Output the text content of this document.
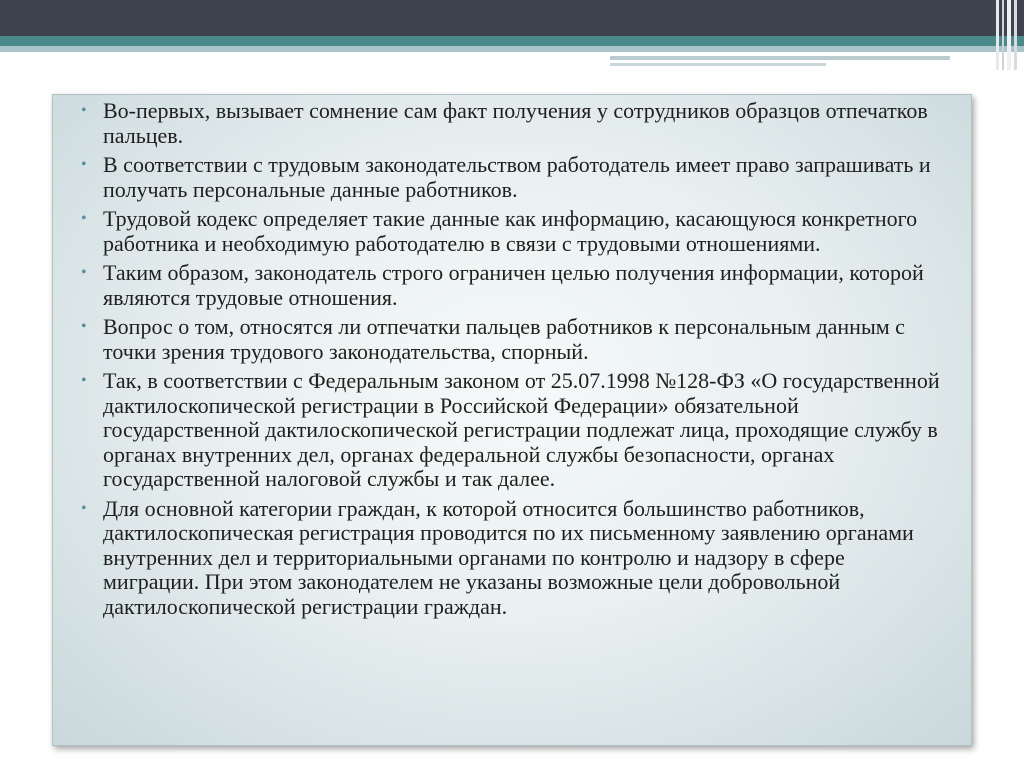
• Во-первых, вызывает сомнение сам факт получения у сотрудников образцов отпечатков пальцев.
• В соответствии с трудовым законодательством работодатель имеет право запрашивать и получать персональные данные работников.
• Трудовой кодекс определяет такие данные как информацию, касающуюся конкретного работника и необходимую работодателю в связи с трудовыми отношениями.
• Таким образом, законодатель строго ограничен целью получения информации, которой являются трудовые отношения.
• Вопрос о том, относятся ли отпечатки пальцев работников к персональным данным с точки зрения трудового законодательства, спорный.
• Так, в соответствии с Федеральным законом от 25.07.1998 №128-ФЗ «О государственной дактилоскопической регистрации в Российской Федерации» обязательной государственной дактилоскопической регистрации подлежат лица, проходящие службу в органах внутренних дел, органах федеральной службы безопасности, органах государственной налоговой службы и так далее.
• Для основной категории граждан, к которой относится большинство работников, дактилоскопическая регистрация проводится по их письменному заявлению органами внутренних дел и территориальными органами по контролю и надзору в сфере миграции. При этом законодателем не указаны возможные цели добровольной дактилоскопической регистрации граждан.
